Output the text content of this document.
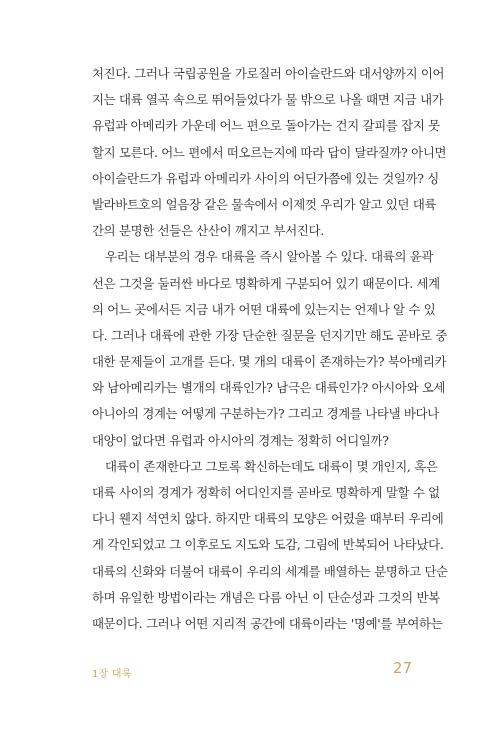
처진다. 그러나 국립공원을 가로질러 아이슬란드와 대서양까지 이어
지는 대륙 열곡 속으로 뛰어들었다가 물 밖으로 나올 때면 지금 내가
유럽과 아메리카 가운데 어느 편으로 돌아가는 건지 갈피를 잡지 못
할지 모른다. 어느 편에서 떠오르는지에 따라 답이 달라질까? 아니면
아이슬란드가 유럽과 아메리카 사이의 어딘가쯤에 있는 것일까? 싱
발라바트호의 얼음장 같은 물속에서 이제껏 우리가 알고 있던 대륙
간의 분명한 선들은 산산이 깨지고 부서진다.
우리는 대부분의 경우 대륙을 즉시 알아볼 수 있다. 대륙의 윤곽
선은 그것을 둘러싼 바다로 명확하게 구분되어 있기 때문이다. 세계
의 어느 곳에서든 지금 내가 어떤 대륙에 있는지는 언제나 알 수 있
다. 그러나 대륙에 관한 가장 단순한 질문을 던지기만 해도 곧바로 중
대한 문제들이 고개를 든다. 몇 개의 대륙이 존재하는가? 북아메리카
와 남아메리카는 별개의 대륙인가? 남극은 대륙인가? 아시아와 오세
아니아의 경계는 어떻게 구분하는가? 그리고 경계를 나타낼 바다나
대양이 없다면 유럽과 아시아의 경계는 정확히 어디일까?
대륙이 존재한다고 그토록 확신하는데도 대륙이 몇 개인지, 혹은
대륙 사이의 경계가 정확히 어디인지를 곧바로 명확하게 말할 수 없
다니 웬지 석연치 않다. 하지만 대륙의 모양은 어렸을 때부터 우리에
게 각인되었고 그 이후로도 지도와 도감, 그림에 반복되어 나타났다.
대륙의 신화와 더불어 대륙이 우리의 세계를 배열하는 분명하고 단순
하며 유일한 방법이라는 개념은 다름 아닌 이 단순성과 그것의 반복
때문이다. 그러나 어떤 지리적 공간에 대륙이라는 '명예'를 부여하는
1장 대륙	27
